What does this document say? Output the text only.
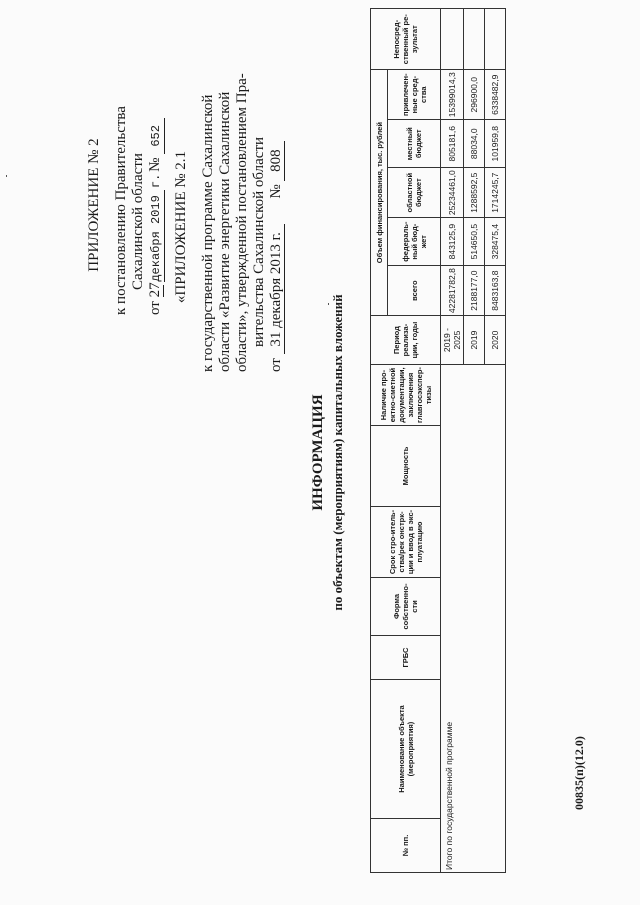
ПРИЛОЖЕНИЕ № 2 к постановлению Правительства Сахалинской области
от 27 декабря 2019 г. № 652
«ПРИЛОЖЕНИЕ № 2.1 к государственной программе Сахалинской области «Развитие энергетики Сахалинской области», утвержденной постановлением Пра- вительства Сахалинской области
от 31 декабря 2013 г. № 808
ИНФОРМАЦИЯ по объектам (мероприятиям) капитальных вложений
№ пп.	Наименование объекта (мероприятия)	ГРБС	Форма собственно-сти	Срок стро-итель-ства/рек онстрк-ции и ввод в экс-плуатацию	Мощность	Наличие про-ектно-сметной документации, заключения главгосэкспер-тизы	Период реализа-ции, годы	Объем финансирования, тыс. рублей					Непосред-ственный ре-зультат
								всего	федераль-ный бюд-жет	областной бюджет	местный бюджет	привлечен-ные сред-ства	
Итого по государственной программе							2019 - 2025	42281782,8	843125,9	25234461,0	805181,6	15399014,3	
							2019	2188177,0	514650,5	1288592,5	88034,0	296900,0	
							2020	8483163,8	328475,4	1714245,7	101959,8	6338482,9	
00835(п)(12.0)
